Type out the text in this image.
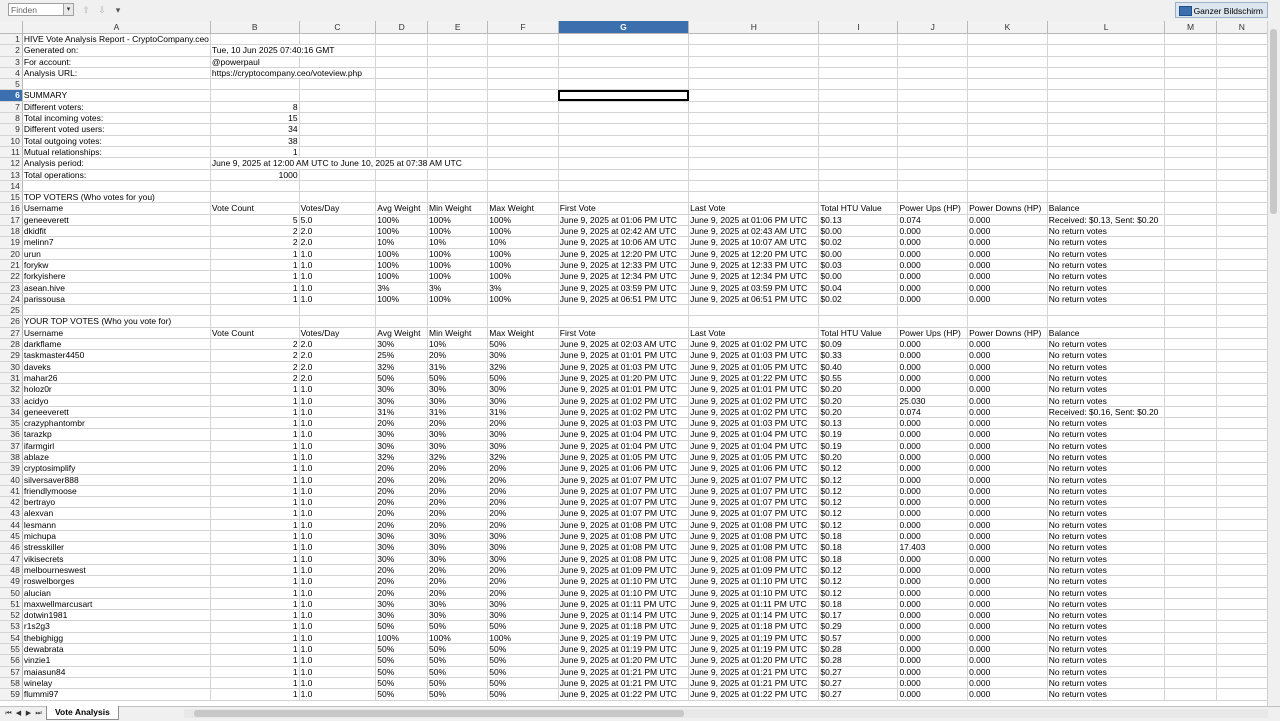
Finden	▾	⇧ ⇩	▾	Ganzer Bildschirm
	A	B	C	D	E	F	G	H	I	J	K	L	M	N
1	HIVE Vote Analysis Report - CryptoCompany.ceo													
2	Generated on:	Tue, 10 Jun 2025 07:40:16 GMT												
3	For account:	@powerpaul												
4	Analysis URL:	https://cryptocompany.ceo/voteview.php												
5														
6	SUMMARY													
7	Different voters:	8												
8	Total incoming votes:	15												
9	Different voted users:	34												
10	Total outgoing votes:	38												
11	Mutual relationships:	1												
12	Analysis period:	June 9, 2025 at 12:00 AM UTC to June 10, 2025 at 07:38 AM UTC												
13	Total operations:	1000												
14														
15	TOP VOTERS (Who votes for you)													
16	Username	Vote Count	Votes/Day	Avg Weight	Min Weight	Max Weight	First Vote	Last Vote	Total HTU Value	Power Ups (HP)	Power Downs (HP)	Balance		
17	geneeverett	5	5.0	100%	100%	100%	June 9, 2025 at 01:06 PM UTC	June 9, 2025 at 01:06 PM UTC	$0.13	0.074	0.000	Received: $0.13, Sent: $0.20		
18	dkidfit	2	2.0	100%	100%	100%	June 9, 2025 at 02:42 AM UTC	June 9, 2025 at 02:43 AM UTC	$0.00	0.000	0.000	No return votes		
19	melinn7	2	2.0	10%	10%	10%	June 9, 2025 at 10:06 AM UTC	June 9, 2025 at 10:07 AM UTC	$0.02	0.000	0.000	No return votes		
20	urun	1	1.0	100%	100%	100%	June 9, 2025 at 12:20 PM UTC	June 9, 2025 at 12:20 PM UTC	$0.00	0.000	0.000	No return votes		
21	forykw	1	1.0	100%	100%	100%	June 9, 2025 at 12:33 PM UTC	June 9, 2025 at 12:33 PM UTC	$0.03	0.000	0.000	No return votes		
22	forkyishere	1	1.0	100%	100%	100%	June 9, 2025 at 12:34 PM UTC	June 9, 2025 at 12:34 PM UTC	$0.00	0.000	0.000	No return votes		
23	asean.hive	1	1.0	3%	3%	3%	June 9, 2025 at 03:59 PM UTC	June 9, 2025 at 03:59 PM UTC	$0.04	0.000	0.000	No return votes		
24	parissousa	1	1.0	100%	100%	100%	June 9, 2025 at 06:51 PM UTC	June 9, 2025 at 06:51 PM UTC	$0.02	0.000	0.000	No return votes		
25														
26	YOUR TOP VOTES (Who you vote for)													
27	Username	Vote Count	Votes/Day	Avg Weight	Min Weight	Max Weight	First Vote	Last Vote	Total HTU Value	Power Ups (HP)	Power Downs (HP)	Balance		
28	darkflame	2	2.0	30%	10%	50%	June 9, 2025 at 02:03 AM UTC	June 9, 2025 at 01:02 PM UTC	$0.09	0.000	0.000	No return votes		
29	taskmaster4450	2	2.0	25%	20%	30%	June 9, 2025 at 01:01 PM UTC	June 9, 2025 at 01:03 PM UTC	$0.33	0.000	0.000	No return votes		
30	daveks	2	2.0	32%	31%	32%	June 9, 2025 at 01:03 PM UTC	June 9, 2025 at 01:05 PM UTC	$0.40	0.000	0.000	No return votes		
31	mahar26	2	2.0	50%	50%	50%	June 9, 2025 at 01:20 PM UTC	June 9, 2025 at 01:22 PM UTC	$0.55	0.000	0.000	No return votes		
32	holoz0r	1	1.0	30%	30%	30%	June 9, 2025 at 01:01 PM UTC	June 9, 2025 at 01:01 PM UTC	$0.20	0.000	0.000	No return votes		
33	acidyo	1	1.0	30%	30%	30%	June 9, 2025 at 01:02 PM UTC	June 9, 2025 at 01:02 PM UTC	$0.20	25.030	0.000	No return votes		
34	geneeverett	1	1.0	31%	31%	31%	June 9, 2025 at 01:02 PM UTC	June 9, 2025 at 01:02 PM UTC	$0.20	0.074	0.000	Received: $0.16, Sent: $0.20		
35	crazyphantombr	1	1.0	20%	20%	20%	June 9, 2025 at 01:03 PM UTC	June 9, 2025 at 01:03 PM UTC	$0.13	0.000	0.000	No return votes		
36	tarazkp	1	1.0	30%	30%	30%	June 9, 2025 at 01:04 PM UTC	June 9, 2025 at 01:04 PM UTC	$0.19	0.000	0.000	No return votes		
37	ifarmgirl	1	1.0	30%	30%	30%	June 9, 2025 at 01:04 PM UTC	June 9, 2025 at 01:04 PM UTC	$0.19	0.000	0.000	No return votes		
38	ablaze	1	1.0	32%	32%	32%	June 9, 2025 at 01:05 PM UTC	June 9, 2025 at 01:05 PM UTC	$0.20	0.000	0.000	No return votes		
39	cryptosimplify	1	1.0	20%	20%	20%	June 9, 2025 at 01:06 PM UTC	June 9, 2025 at 01:06 PM UTC	$0.12	0.000	0.000	No return votes		
40	silversaver888	1	1.0	20%	20%	20%	June 9, 2025 at 01:07 PM UTC	June 9, 2025 at 01:07 PM UTC	$0.12	0.000	0.000	No return votes		
41	friendlymoose	1	1.0	20%	20%	20%	June 9, 2025 at 01:07 PM UTC	June 9, 2025 at 01:07 PM UTC	$0.12	0.000	0.000	No return votes		
42	bertrayo	1	1.0	20%	20%	20%	June 9, 2025 at 01:07 PM UTC	June 9, 2025 at 01:07 PM UTC	$0.12	0.000	0.000	No return votes		
43	alexvan	1	1.0	20%	20%	20%	June 9, 2025 at 01:07 PM UTC	June 9, 2025 at 01:07 PM UTC	$0.12	0.000	0.000	No return votes		
44	lesmann	1	1.0	20%	20%	20%	June 9, 2025 at 01:08 PM UTC	June 9, 2025 at 01:08 PM UTC	$0.12	0.000	0.000	No return votes		
45	michupa	1	1.0	30%	30%	30%	June 9, 2025 at 01:08 PM UTC	June 9, 2025 at 01:08 PM UTC	$0.18	0.000	0.000	No return votes		
46	stresskiller	1	1.0	30%	30%	30%	June 9, 2025 at 01:08 PM UTC	June 9, 2025 at 01:08 PM UTC	$0.18	17.403	0.000	No return votes		
47	vikisecrets	1	1.0	30%	30%	30%	June 9, 2025 at 01:08 PM UTC	June 9, 2025 at 01:08 PM UTC	$0.18	0.000	0.000	No return votes		
48	melbourneswest	1	1.0	20%	20%	20%	June 9, 2025 at 01:09 PM UTC	June 9, 2025 at 01:09 PM UTC	$0.12	0.000	0.000	No return votes		
49	roswelborges	1	1.0	20%	20%	20%	June 9, 2025 at 01:10 PM UTC	June 9, 2025 at 01:10 PM UTC	$0.12	0.000	0.000	No return votes		
50	alucian	1	1.0	20%	20%	20%	June 9, 2025 at 01:10 PM UTC	June 9, 2025 at 01:10 PM UTC	$0.12	0.000	0.000	No return votes		
51	maxwellmarcusart	1	1.0	30%	30%	30%	June 9, 2025 at 01:11 PM UTC	June 9, 2025 at 01:11 PM UTC	$0.18	0.000	0.000	No return votes		
52	dotwin1981	1	1.0	30%	30%	30%	June 9, 2025 at 01:14 PM UTC	June 9, 2025 at 01:14 PM UTC	$0.17	0.000	0.000	No return votes		
53	r1s2g3	1	1.0	50%	50%	50%	June 9, 2025 at 01:18 PM UTC	June 9, 2025 at 01:18 PM UTC	$0.29	0.000	0.000	No return votes		
54	thebighigg	1	1.0	100%	100%	100%	June 9, 2025 at 01:19 PM UTC	June 9, 2025 at 01:19 PM UTC	$0.57	0.000	0.000	No return votes		
55	dewabrata	1	1.0	50%	50%	50%	June 9, 2025 at 01:19 PM UTC	June 9, 2025 at 01:19 PM UTC	$0.28	0.000	0.000	No return votes		
56	vinzie1	1	1.0	50%	50%	50%	June 9, 2025 at 01:20 PM UTC	June 9, 2025 at 01:20 PM UTC	$0.28	0.000	0.000	No return votes		
57	maiasun84	1	1.0	50%	50%	50%	June 9, 2025 at 01:21 PM UTC	June 9, 2025 at 01:21 PM UTC	$0.27	0.000	0.000	No return votes		
58	winelay	1	1.0	50%	50%	50%	June 9, 2025 at 01:21 PM UTC	June 9, 2025 at 01:21 PM UTC	$0.27	0.000	0.000	No return votes		
59	flummi97	1	1.0	50%	50%	50%	June 9, 2025 at 01:22 PM UTC	June 9, 2025 at 01:22 PM UTC	$0.27	0.000	0.000	No return votes		
⏮ ◀ ▶ ⏭	Vote Analysis
